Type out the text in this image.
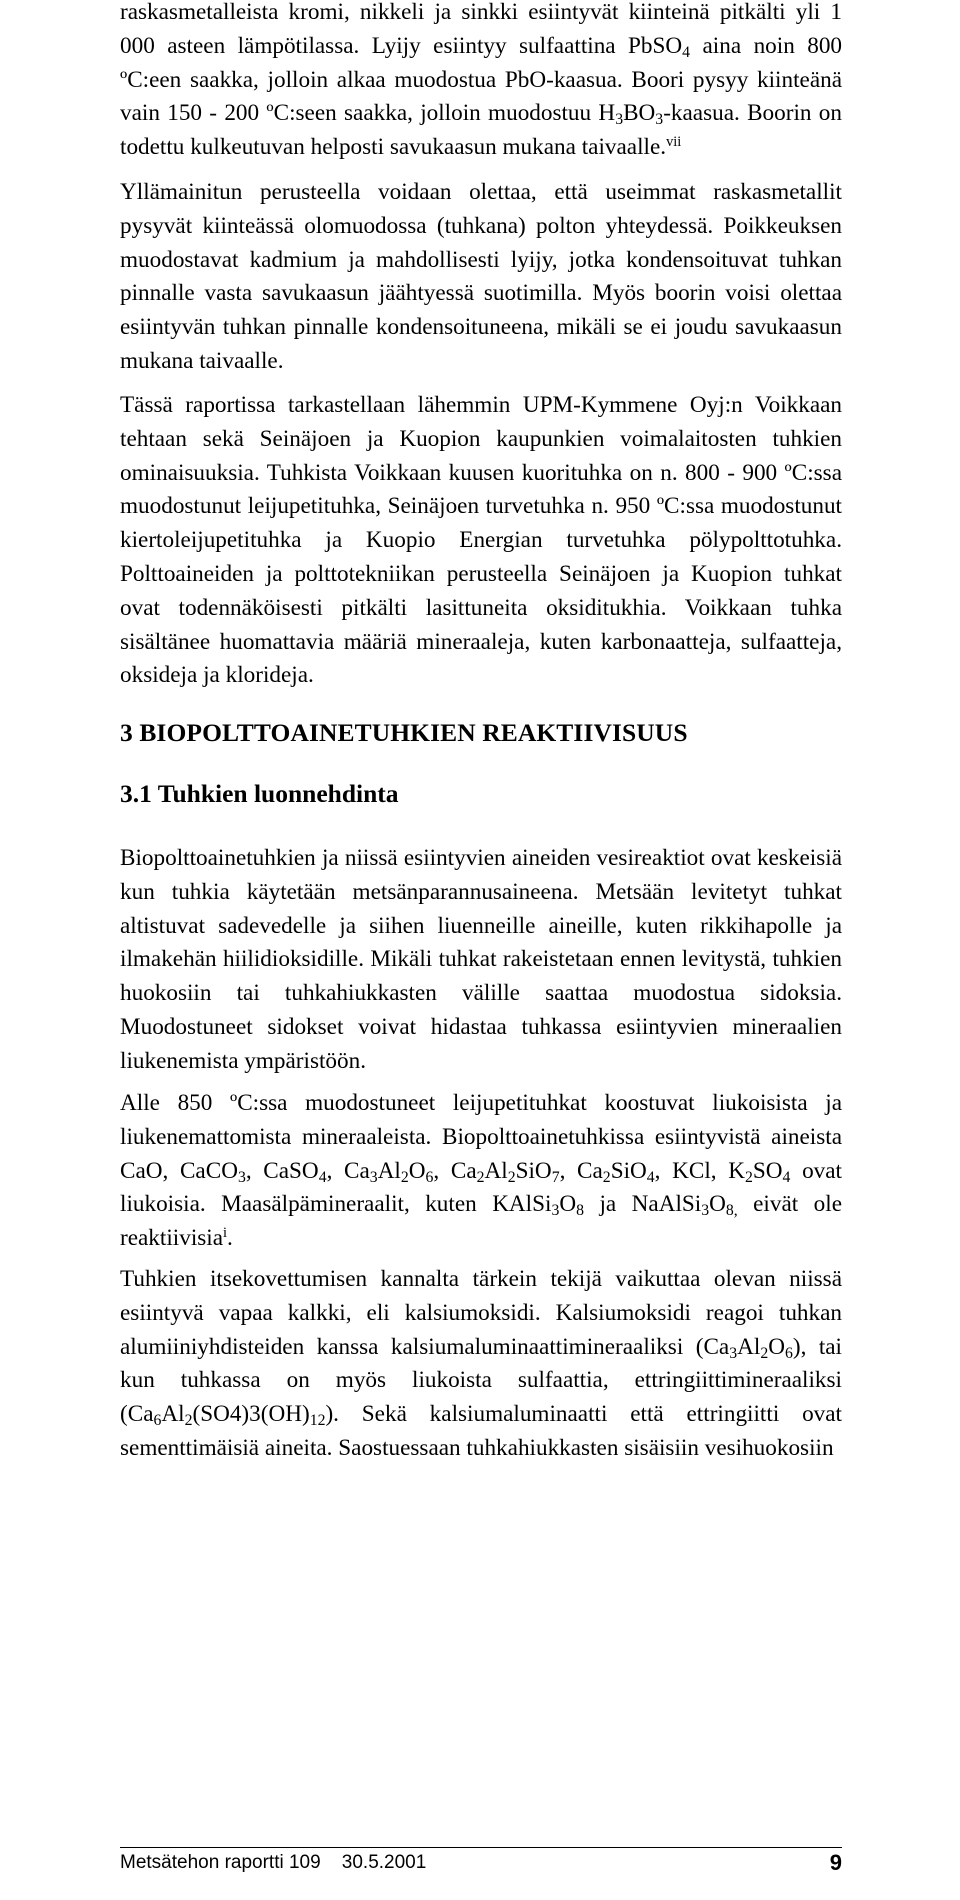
raskasmetalleista kromi, nikkeli ja sinkki esiintyvät kiinteinä pitkälti yli 1 000 asteen lämpötilassa. Lyijy esiintyy sulfaattina PbSO$_4$ aina noin 800 ºC:een saakka, jolloin alkaa muodostua PbO-kaasua. Boori pysyy kiinteänä vain 150 - 200 ºC:seen saakka, jolloin muodostuu $H_3BO_3$-kaasua. Boorin on todettu kulkeutuvan helposti savukaasun mukana taivaalle.$^{vii}$

Yllämainitun perusteella voidaan olettaa, että useimmat raskasmetallit pysyvät kiinteässä olomuodossa (tuhkana) polton yhteydessä. Poikkeuksen muodostavat kadmium ja mahdollisesti lyijy, jotka kondensoituvat tuhkan pinnalle vasta savukaasun jäähtyessä suotimilla. Myös boorin voisi olettaa esiintyvän tuhkan pinnalle kondensoituneena, mikäli se ei joudu savukaasun mukana taivaalle.

Tässä raportissa tarkastellaan lähemmin UPM-Kymmene Oyj:n Voikkaan tehtaan sekä Seinäjoen ja Kuopion kaupunkien voimalaitosten tuhkien ominaisuuksia. Tuhkista Voikkaan kuusen kuorituhka on n. 800 - 900 ºC:ssa muodostunut leijupetituhka, Seinäjoen turvetuhka n. 950 ºC:ssa muodostunut kiertoleijupetituhka ja Kuopio Energian turvetuhka pölypolttotuhka. Polttoaineiden ja polttotekniikan perusteella Seinäjoen ja Kuopion tuhkat ovat todennäköisesti pitkälti lasittuneita oksiditukhia. Voikkaan tuhka sisältänee huomattavia määriä mineraaleja, kuten karbonaatteja, sulfaatteja, oksideja ja klorideja.

3 BIOPOLTTOAINETUHKIEN REAKTIIVISUUS
3.1 Tuhkien luonnehdinta

Biopolttoainetuhkien ja niissä esiintyvien aineiden vesireaktiot ovat keskeisiä kun tuhkia käytetään metsänparannusaineena. Metsään levitetyt tuhkat altistuvat sadevedelle ja siihen liuenneille aineille, kuten rikkihapolle ja ilmakehän hiilidioksidille. Mikäli tuhkat rakeistetaan ennen levitystä, tuhkien huokosiin tai tuhkahiukkasten välille saattaa muodostua sidoksia. Muodostuneet sidokset voivat hidastaa tuhkassa esiintyvien mineraalien liukenemista ympäristöön.

Alle 850 ºC:ssa muodostuneet leijupetituhkat koostuvat liukoisista ja liukenemattomista mineraaleista. Biopolttoainetuhkissa esiintyvistä aineista CaO, CaCO$_3$, CaSO$_4$, $Ca_3Al_2O_6$, $Ca_2Al_2SiO_7$, $Ca_2SiO_4$, KCl, $K_2SO_4$ ovat liukoisia. Maasälpämineraalit, kuten $KAlSi_3O_8$ ja $NaAlSi_3O_{8,}$ eivät ole reaktiivisia$^i$.

Tuhkien itsekovettumisen kannalta tärkein tekijä vaikuttaa olevan niissä esiintyvä vapaa kalkki, eli kalsiumoksidi. Kalsiumoksidi reagoi tuhkan alumiiniyhdisteiden kanssa kalsiumaluminaattimineraaliksi $(Ca_3Al_2O_6)$, tai kun tuhkassa on myös liukoista sulfaattia, ettringiittimineraaliksi $(Ca_6Al_2(SO4)3(OH)_{12})$. Sekä kalsiumaluminaatti että ettringiitti ovat sementtimäisiä aineita. Saostuessaan tuhkahiukkasten sisäisiin vesihuokosiin

Metsätehon raportti 109    30.5.2001	9
